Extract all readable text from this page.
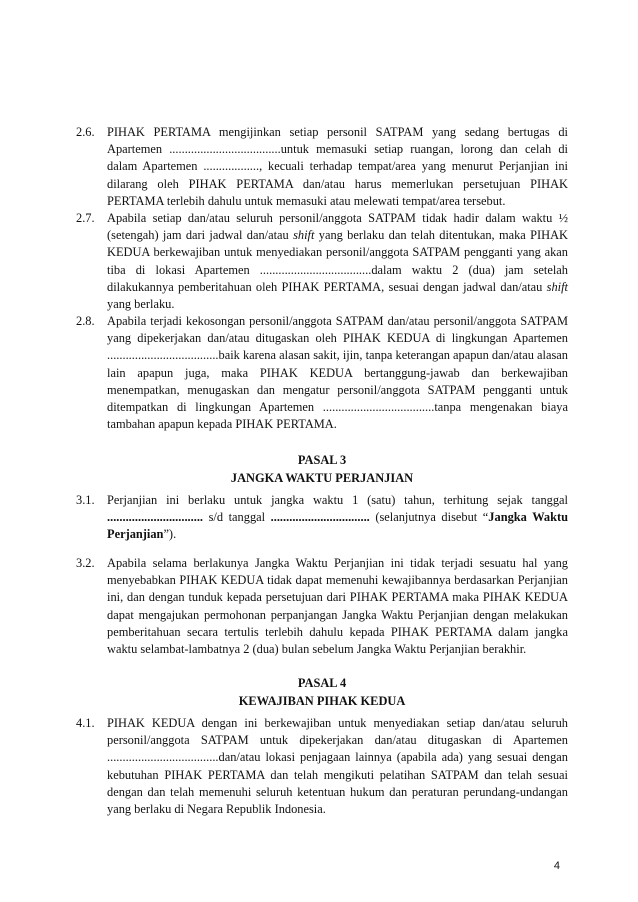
2.6. PIHAK PERTAMA mengijinkan setiap personil SATPAM yang sedang bertugas di Apartemen ....................................untuk memasuki setiap ruangan, lorong dan celah di dalam Apartemen .................., kecuali terhadap tempat/area yang menurut Perjanjian ini dilarang oleh PIHAK PERTAMA dan/atau harus memerlukan persetujuan PIHAK PERTAMA terlebih dahulu untuk memasuki atau melewati tempat/area tersebut.
2.7. Apabila setiap dan/atau seluruh personil/anggota SATPAM tidak hadir dalam waktu ½ (setengah) jam dari jadwal dan/atau shift yang berlaku dan telah ditentukan, maka PIHAK KEDUA berkewajiban untuk menyediakan personil/anggota SATPAM pengganti yang akan tiba di lokasi Apartemen ....................................dalam waktu 2 (dua) jam setelah dilakukannya pemberitahuan oleh PIHAK PERTAMA, sesuai dengan jadwal dan/atau shift yang berlaku.
2.8. Apabila terjadi kekosongan personil/anggota SATPAM dan/atau personil/anggota SATPAM yang dipekerjakan dan/atau ditugaskan oleh PIHAK KEDUA di lingkungan Apartemen ....................................baik karena alasan sakit, ijin, tanpa keterangan apapun dan/atau alasan lain apapun juga, maka PIHAK KEDUA bertanggung-jawab dan berkewajiban menempatkan, menugaskan dan mengatur personil/anggota SATPAM pengganti untuk ditempatkan di lingkungan Apartemen ....................................tanpa mengenakan biaya tambahan apapun kepada PIHAK PERTAMA.
PASAL 3
JANGKA WAKTU PERJANJIAN
3.1. Perjanjian ini berlaku untuk jangka waktu 1 (satu) tahun, terhitung sejak tanggal ............................... s/d tanggal ................................ (selanjutnya disebut “Jangka Waktu Perjanjian”).
3.2. Apabila selama berlakunya Jangka Waktu Perjanjian ini tidak terjadi sesuatu hal yang menyebabkan PIHAK KEDUA tidak dapat memenuhi kewajibannya berdasarkan Perjanjian ini, dan dengan tunduk kepada persetujuan dari PIHAK PERTAMA maka PIHAK KEDUA dapat mengajukan permohonan perpanjangan Jangka Waktu Perjanjian dengan melakukan pemberitahuan secara tertulis terlebih dahulu kepada PIHAK PERTAMA dalam jangka waktu selambat-lambatnya 2 (dua) bulan sebelum Jangka Waktu Perjanjian berakhir.
PASAL 4
KEWAJIBAN PIHAK KEDUA
4.1. PIHAK KEDUA dengan ini berkewajiban untuk menyediakan setiap dan/atau seluruh personil/anggota SATPAM untuk dipekerjakan dan/atau ditugaskan di Apartemen ....................................dan/atau lokasi penjagaan lainnya (apabila ada) yang sesuai dengan kebutuhan PIHAK PERTAMA dan telah mengikuti pelatihan SATPAM dan telah sesuai dengan dan telah memenuhi seluruh ketentuan hukum dan peraturan perundang-undangan yang berlaku di Negara Republik Indonesia.
4
